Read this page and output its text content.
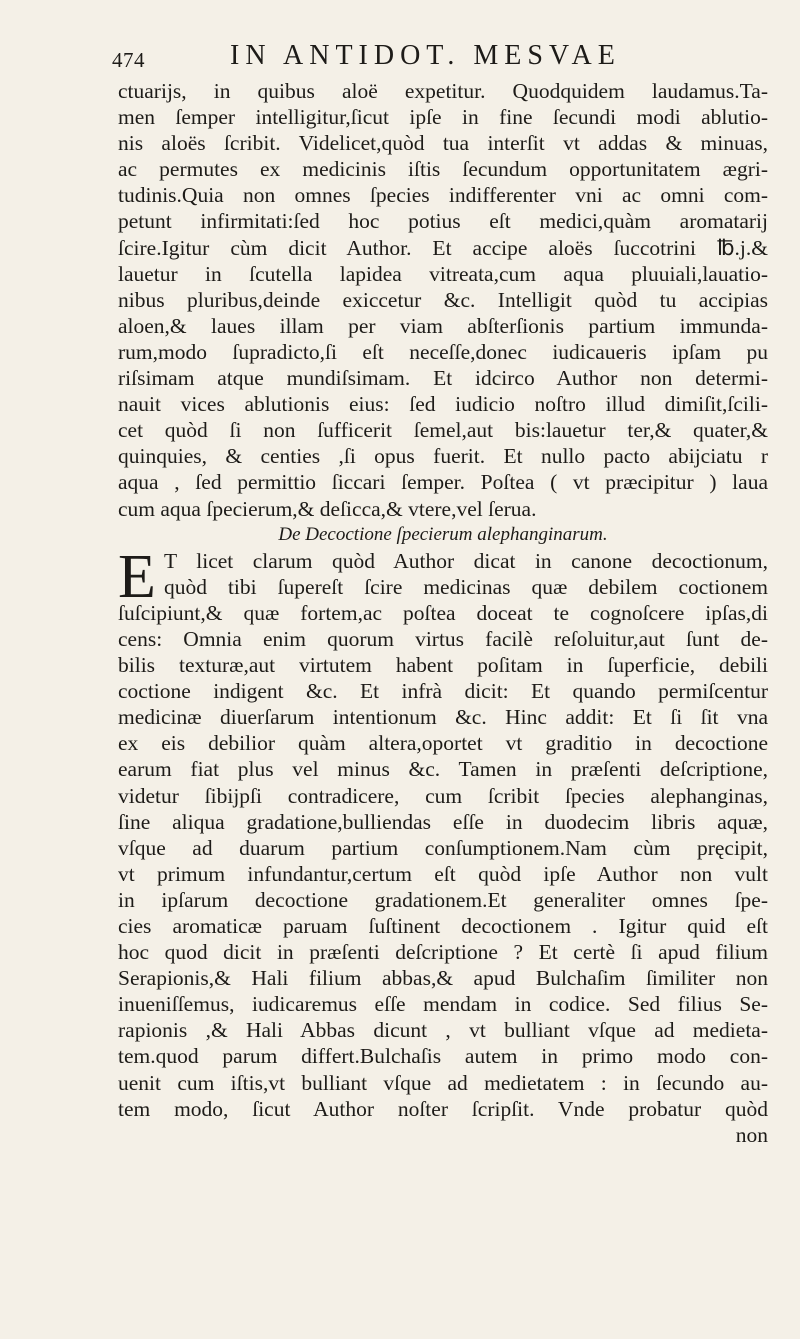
474	IN ANTIDOT. MESVAE
ctuarijs, in quibus aloë expetitur. Quodquidem laudamus.Ta-
men ſemper intelligitur,ſicut ipſe in fine ſecundi modi ablutio-
nis aloës ſcribit. Videlicet,quòd tua interſit vt addas & minuas,
ac permutes ex medicinis iſtis ſecundum opportunitatem ægri-
tudinis.Quia non omnes ſpecies indifferenter vni ac omni com-
petunt infirmitati:ſed hoc potius eſt medici,quàm aromatarij
ſcire.Igitur cùm dicit Author. Et accipe aloës ſuccotrini ℔.j.&
lauetur in ſcutella lapidea vitreata,cum aqua pluuiali,lauatio-
nibus pluribus,deinde exiccetur &c. Intelligit quòd tu accipias
aloen,& laues illam per viam abſterſionis partium immunda-
rum,modo ſupradicto,ſi eſt neceſſe,donec iudicaueris ipſam pu
riſsimam atque mundiſsimam. Et idcirco Author non determi-
nauit vices ablutionis eius: ſed iudicio noſtro illud dimiſit,ſcili-
cet quòd ſi non ſufficerit ſemel,aut bis:lauetur ter,& quater,&
quinquies, & centies ,ſi opus fuerit. Et nullo pacto abijciatu r
aqua , ſed permittio ſiccari ſemper. Poſtea ( vt præcipitur ) laua
cum aqua ſpecierum,& deſicca,& vtere,vel ſerua.
De Decoctione ſpecierum alephanginarum.
E T licet clarum quòd Author dicat in canone decoctionum,
quòd tibi ſupereſt ſcire medicinas quæ debilem coctionem
ſuſcipiunt,& quæ fortem,ac poſtea doceat te cognoſcere ipſas,di
cens: Omnia enim quorum virtus facilè reſoluitur,aut ſunt de-
bilis texturæ,aut virtutem habent poſitam in ſuperficie, debili
coctione indigent &c. Et infrà dicit: Et quando permiſcentur
medicinæ diuerſarum intentionum &c. Hinc addit: Et ſi ſit vna
ex eis debilior quàm altera,oportet vt graditio in decoctione
earum fiat plus vel minus &c. Tamen in præſenti deſcriptione,
videtur ſibijpſi contradicere, cum ſcribit ſpecies alephanginas,
ſine aliqua gradatione,bulliendas eſſe in duodecim libris aquæ,
vſque ad duarum partium conſumptionem.Nam cùm pręcipit,
vt primum infundantur,certum eſt quòd ipſe Author non vult
in ipſarum decoctione gradationem.Et generaliter omnes ſpe-
cies aromaticæ paruam ſuſtinent decoctionem . Igitur quid eſt
hoc quod dicit in præſenti deſcriptione ? Et certè ſi apud filium
Serapionis,& Hali filium abbas,& apud Bulchaſim ſimiliter non
inueniſſemus, iudicaremus eſſe mendam in codice. Sed filius Se-
rapionis ,& Hali Abbas dicunt , vt bulliant vſque ad medieta-
tem.quod parum differt.Bulchaſis autem in primo modo con-
uenit cum iſtis,vt bulliant vſque ad medietatem : in ſecundo au-
tem modo, ſicut Author noſter ſcripſit. Vnde probatur quòd
non
